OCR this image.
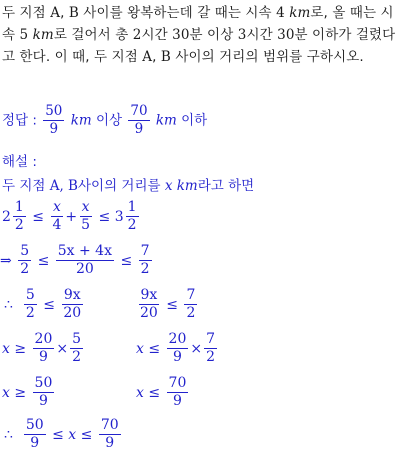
두 지점 A, B 사이를 왕복하는데 갈 때는 시속 4 km로, 올 때는 시속 5 km로 걸어서 총 2시간 30분 이상 3시간 30분 이하가 걸렸다고 한다. 이 때, 두 지점 A, B 사이의 거리의 범위를 구하시오.
정답 : $\frac{50}{9}$ km 이상 $\frac{70}{9}$ km 이하
해설 :
두 지점 A, B사이의 거리를 x km라고 하면
$2 \frac{1}{2} \le \frac{x}{4} + \frac{x}{5} \le 3 \frac{1}{2}$
⇒ $\frac{5}{2} \le \frac{5x + 4x}{20} \le \frac{7}{2}$
∴ $\frac{5}{2} \le \frac{9x}{20}$	$\frac{9x}{20} \le \frac{7}{2}$
$x \ge \frac{20}{9} \times \frac{5}{2}$	$x \le \frac{20}{9} \times \frac{7}{2}$
$x \ge \frac{50}{9}$	$x \le \frac{70}{9}$
∴ $\frac{50}{9} \le x \le \frac{70}{9}$
